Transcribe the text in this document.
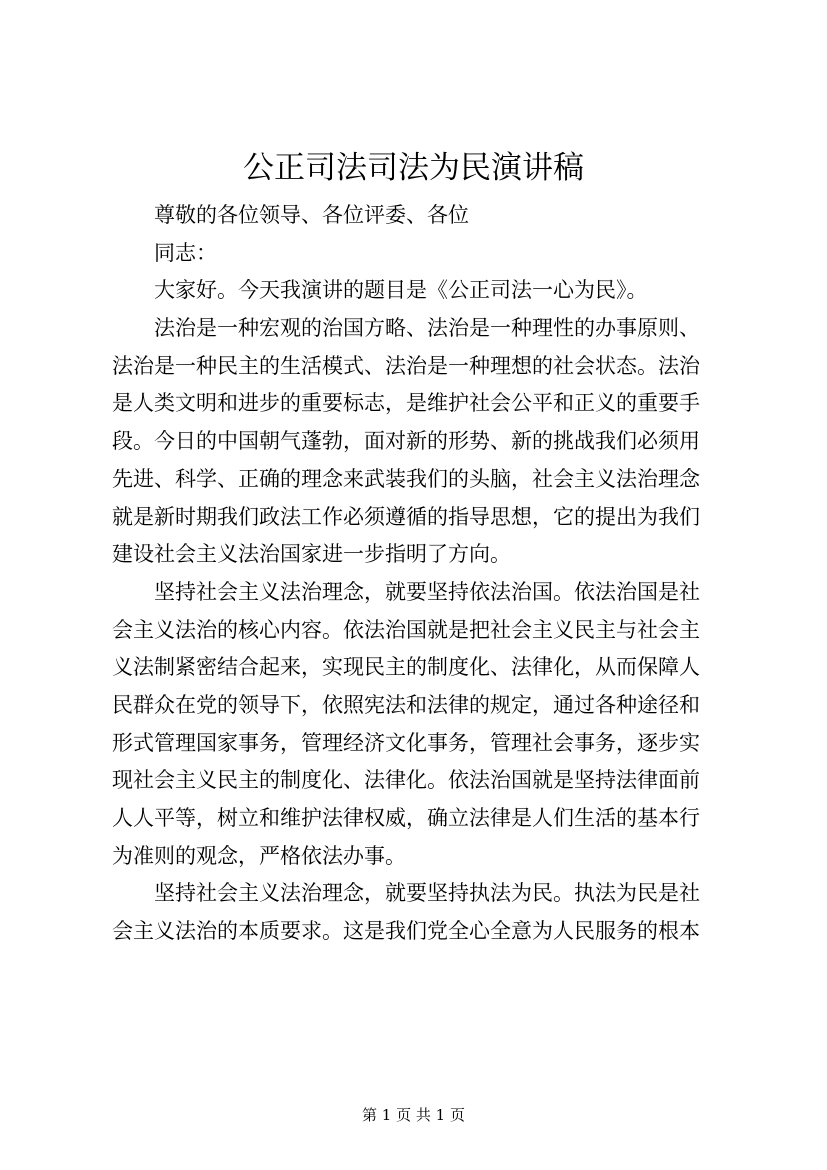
公正司法司法为民演讲稿
尊敬的各位领导、各位评委、各位
同志：
大家好。今天我演讲的题目是《公正司法一心为民》。
法治是一种宏观的治国方略、法治是一种理性的办事原则、
法治是一种民主的生活模式、法治是一种理想的社会状态。法治
是人类文明和进步的重要标志，是维护社会公平和正义的重要手
段。今日的中国朝气蓬勃，面对新的形势、新的挑战我们必须用
先进、科学、正确的理念来武装我们的头脑，社会主义法治理念
就是新时期我们政法工作必须遵循的指导思想，它的提出为我们
建设社会主义法治国家进一步指明了方向。
坚持社会主义法治理念，就要坚持依法治国。依法治国是社
会主义法治的核心内容。依法治国就是把社会主义民主与社会主
义法制紧密结合起来，实现民主的制度化、法律化，从而保障人
民群众在党的领导下，依照宪法和法律的规定，通过各种途径和
形式管理国家事务，管理经济文化事务，管理社会事务，逐步实
现社会主义民主的制度化、法律化。依法治国就是坚持法律面前
人人平等，树立和维护法律权威，确立法律是人们生活的基本行
为准则的观念，严格依法办事。
坚持社会主义法治理念，就要坚持执法为民。执法为民是社
会主义法治的本质要求。这是我们党全心全意为人民服务的根本
第 1 页 共 1 页
